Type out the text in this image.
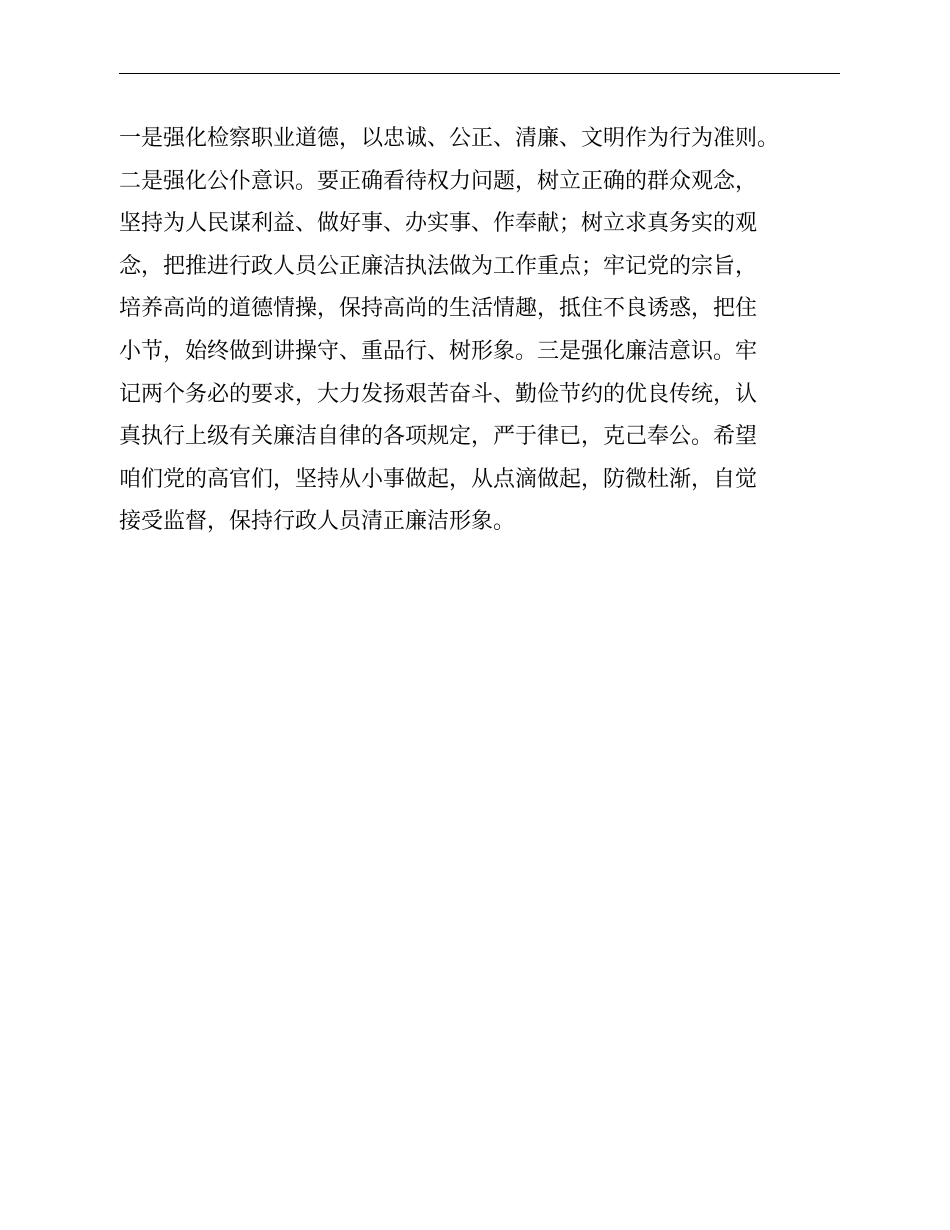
一是强化检察职业道德，以忠诚、公正、清廉、文明作为行为准则。
二是强化公仆意识。要正确看待权力问题，树立正确的群众观念，
坚持为人民谋利益、做好事、办实事、作奉献；树立求真务实的观
念，把推进行政人员公正廉洁执法做为工作重点；牢记党的宗旨，
培养高尚的道德情操，保持高尚的生活情趣，抵住不良诱惑，把住
小节，始终做到讲操守、重品行、树形象。三是强化廉洁意识。牢
记两个务必的要求，大力发扬艰苦奋斗、勤俭节约的优良传统，认
真执行上级有关廉洁自律的各项规定，严于律已，克己奉公。希望
咱们党的高官们，坚持从小事做起，从点滴做起，防微杜渐，自觉
接受监督，保持行政人员清正廉洁形象。
